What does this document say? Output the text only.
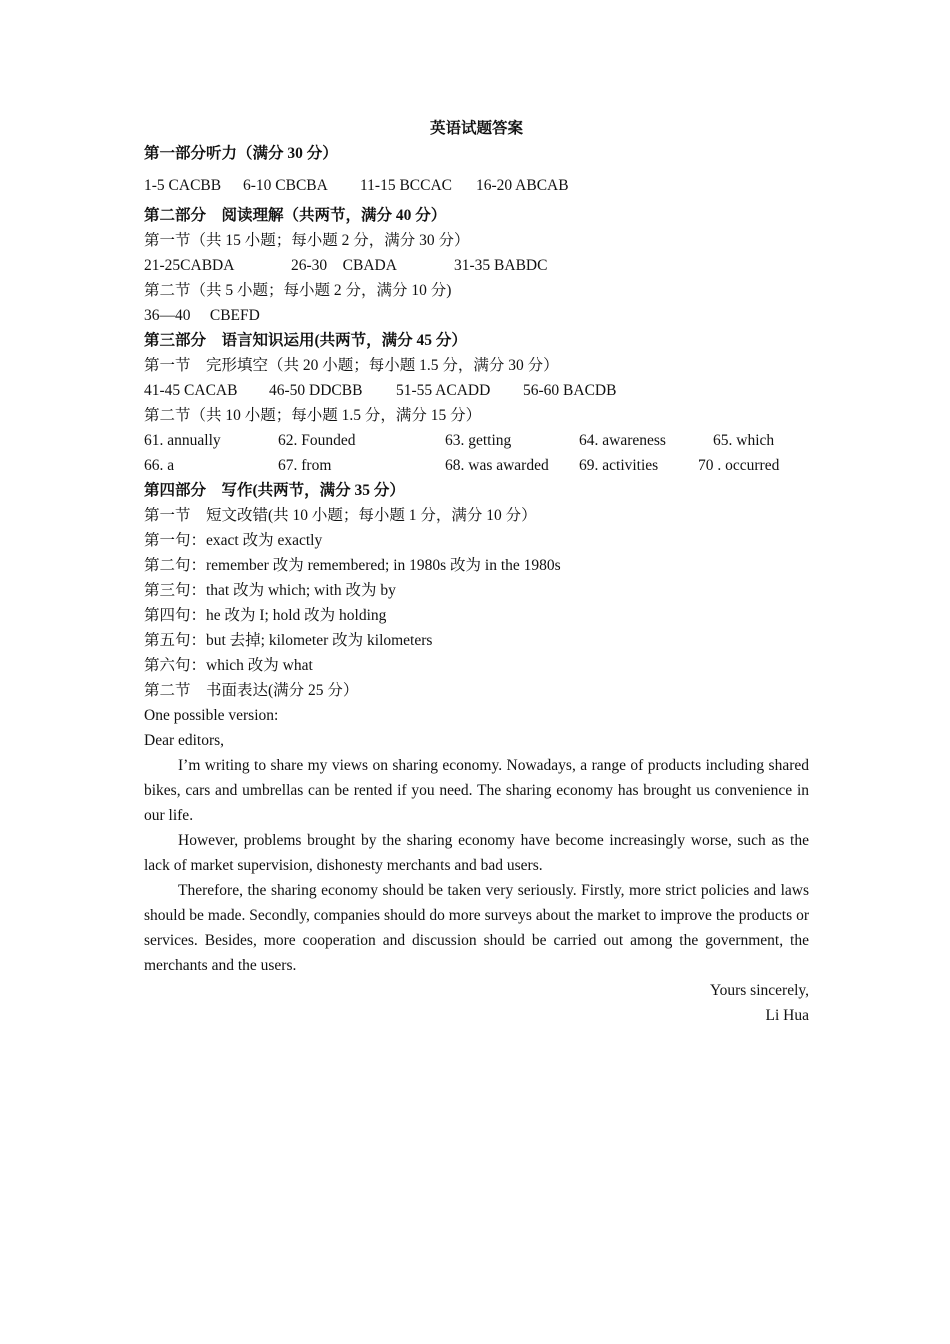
英语试题答案
第一部分听力（满分 30 分）
1-5 CACBB 6-10 CBCBA 11-15 BCCAC 16-20 ABCAB
第二部分　阅读理解（共两节，满分 40 分）
第一节（共 15 小题；每小题 2 分，满分 30 分）
21-25CABDA	26-30　CBADA	31-35 BABDC
第二节（共 5 小题；每小题 2 分，满分 10 分)
36—40　 CBEFD
第三部分　语言知识运用(共两节，满分 45 分）
第一节　完形填空（共 20 小题；每小题 1.5 分，满分 30 分）
41-45 CACAB 46-50 DDCBB 51-55 ACADD 56-60 BACDB
第二节（共 10 小题；每小题 1.5 分，满分 15 分）
61. annually	62. Founded	63. getting	64. awareness	65. which
66. a	67. from	68. was awarded 69. activities	70 . occurred
第四部分　写作(共两节，满分 35 分）
第一节　短文改错(共 10 小题；每小题 1 分，满分 10 分）
第一句：exact 改为 exactly
第二句：remember 改为 remembered; in 1980s 改为 in the 1980s
第三句：that 改为 which; with 改为 by
第四句：he 改为 I; hold 改为 holding
第五句：but 去掉; kilometer 改为 kilometers
第六句：which 改为 what
第二节　书面表达(满分 25 分）
One possible version:
Dear editors,
I’m writing to share my views on sharing economy. Nowadays, a range of products including shared bikes, cars and umbrellas can be rented if you need. The sharing economy has brought us convenience in our life.
However, problems brought by the sharing economy have become increasingly worse, such as the lack of market supervision, dishonesty merchants and bad users.
Therefore, the sharing economy should be taken very seriously. Firstly, more strict policies and laws should be made. Secondly, companies should do more surveys about the market to improve the products or services. Besides, more cooperation and discussion should be carried out among the government, the merchants and the users.
Yours sincerely,
Li Hua
